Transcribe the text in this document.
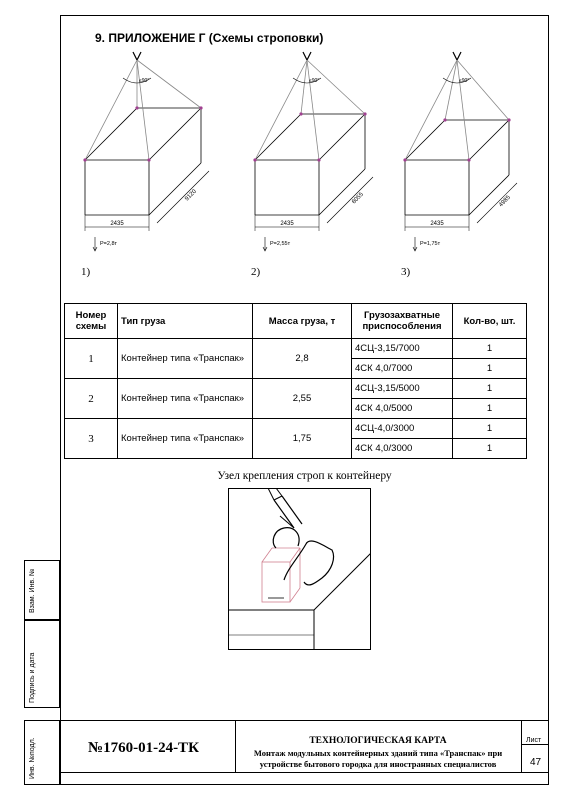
9. ПРИЛОЖЕНИЕ Г (Схемы строповки)
≤90°
2435
9120
P=2,8т
1)
≤90°
2435
6055
P=2,55т
2)
≤90°
2435
4985
P=1,75т
3)
Номер схемы	Тип груза	Масса груза, т	Грузозахватные приспособления	Кол-во, шт.
1	Контейнер типа «Транспак»	2,8	4СЦ-3,15/7000	1
			4СК 4,0/7000	1
2	Контейнер типа «Транспак»	2,55	4СЦ-3,15/5000	1
			4СК 4,0/5000	1
3	Контейнер типа «Транспак»	1,75	4СЦ-4,0/3000	1
			4СК 4,0/3000	1
Узел крепления строп к контейнеру
Взам. Инв. №
Подпись и дата
Инв. №подл.	№1760-01-24-ТК	ТЕХНОЛОГИЧЕСКАЯ КАРТА
Монтаж модульных контейнерных зданий типа «Транспак» при устройстве бытового городка для иностранных специалистов
Лист
47
